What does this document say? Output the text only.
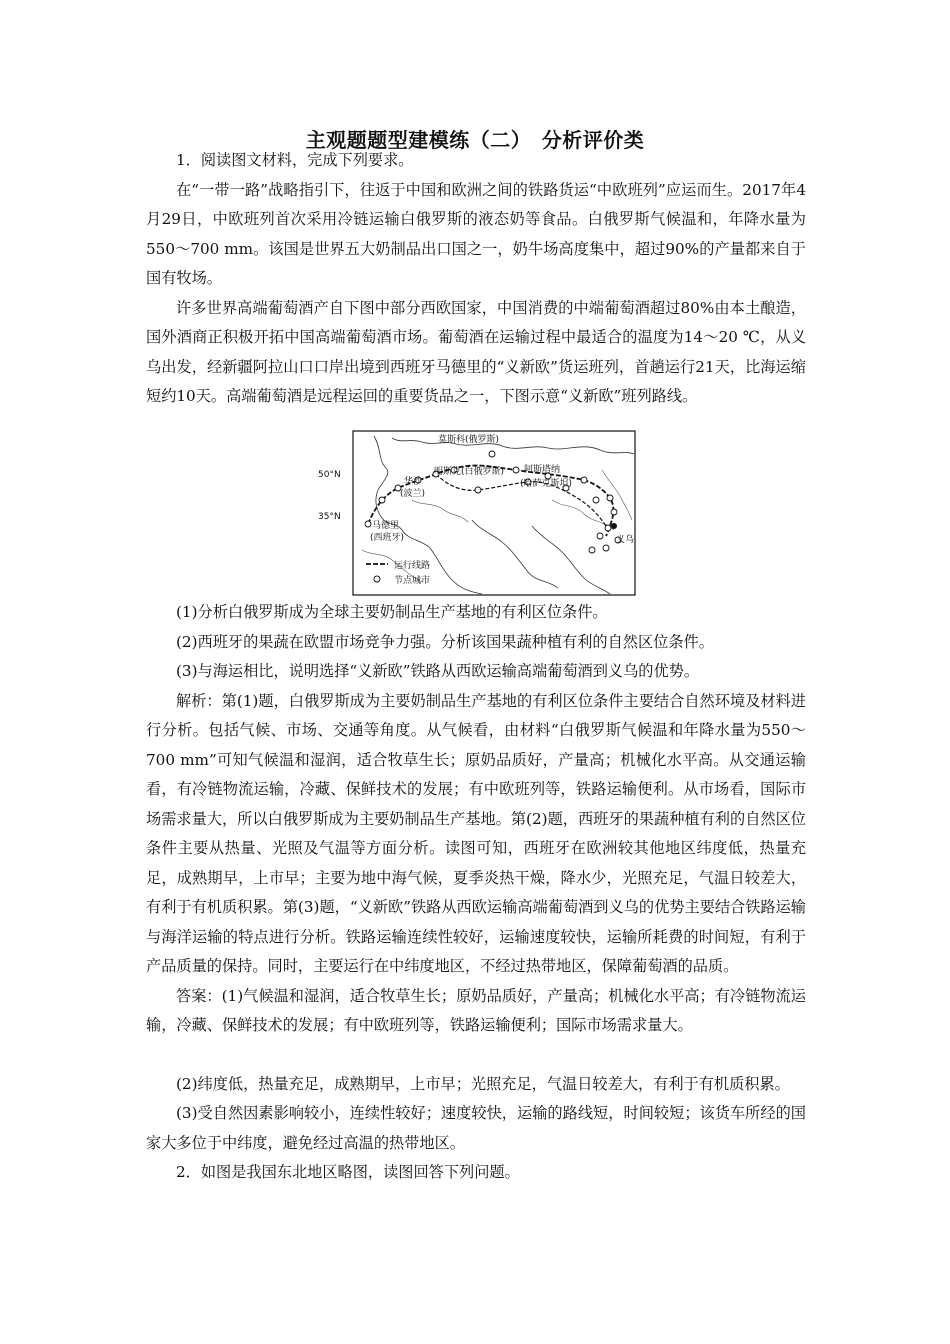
主观题题型建模练（二）　分析评价类

1．阅读图文材料，完成下列要求。

在“一带一路”战略指引下，往返于中国和欧洲之间的铁路货运“中欧班列”应运而生。2017年4月29日，中欧班列首次采用冷链运输白俄罗斯的液态奶等食品。白俄罗斯气候温和，年降水量为550～700 mm。该国是世界五大奶制品出口国之一，奶牛场高度集中，超过90%的产量都来自于国有牧场。

许多世界高端葡萄酒产自下图中部分西欧国家，中国消费的中端葡萄酒超过80%由本土酿造，国外酒商正积极开拓中国高端葡萄酒市场。葡萄酒在运输过程中最适合的温度为14～20 ℃，从义乌出发，经新疆阿拉山口口岸出境到西班牙马德里的“义新欧”货运班列，首趟运行21天，比海运缩短约10天。高端葡萄酒是远程运回的重要货品之一，下图示意“义新欧”班列路线。

莫斯科(俄罗斯)
明斯克(白俄罗斯) 阿斯塔纳
(哈萨克斯坦)
华沙
(波兰)
马德里
(西班牙)	义乌
运行线路
节点城市
50°N
35°N

(1)分析白俄罗斯成为全球主要奶制品生产基地的有利区位条件。

(2)西班牙的果蔬在欧盟市场竞争力强。分析该国果蔬种植有利的自然区位条件。

(3)与海运相比，说明选择“义新欧”铁路从西欧运输高端葡萄酒到义乌的优势。

解析：第(1)题，白俄罗斯成为主要奶制品生产基地的有利区位条件主要结合自然环境及材料进行分析。包括气候、市场、交通等角度。从气候看，由材料“白俄罗斯气候温和年降水量为550～700 mm”可知气候温和湿润，适合牧草生长；原奶品质好，产量高；机械化水平高。从交通运输看，有冷链物流运输，冷藏、保鲜技术的发展；有中欧班列等，铁路运输便利。从市场看，国际市场需求量大，所以白俄罗斯成为主要奶制品生产基地。第(2)题，西班牙的果蔬种植有利的自然区位条件主要从热量、光照及气温等方面分析。读图可知，西班牙在欧洲较其他地区纬度低，热量充足，成熟期早，上市早；主要为地中海气候，夏季炎热干燥，降水少，光照充足，气温日较差大，有利于有机质积累。第(3)题，“义新欧”铁路从西欧运输高端葡萄酒到义乌的优势主要结合铁路运输与海洋运输的特点进行分析。铁路运输连续性较好，运输速度较快，运输所耗费的时间短，有利于产品质量的保持。同时，主要运行在中纬度地区，不经过热带地区，保障葡萄酒的品质。

答案：(1)气候温和湿润，适合牧草生长；原奶品质好，产量高；机械化水平高；有冷链物流运输，冷藏、保鲜技术的发展；有中欧班列等，铁路运输便利；国际市场需求量大。

(2)纬度低，热量充足，成熟期早，上市早；光照充足，气温日较差大，有利于有机质积累。

(3)受自然因素影响较小，连续性较好；速度较快，运输的路线短，时间较短；该货车所经的国家大多位于中纬度，避免经过高温的热带地区。

2．如图是我国东北地区略图，读图回答下列问题。
